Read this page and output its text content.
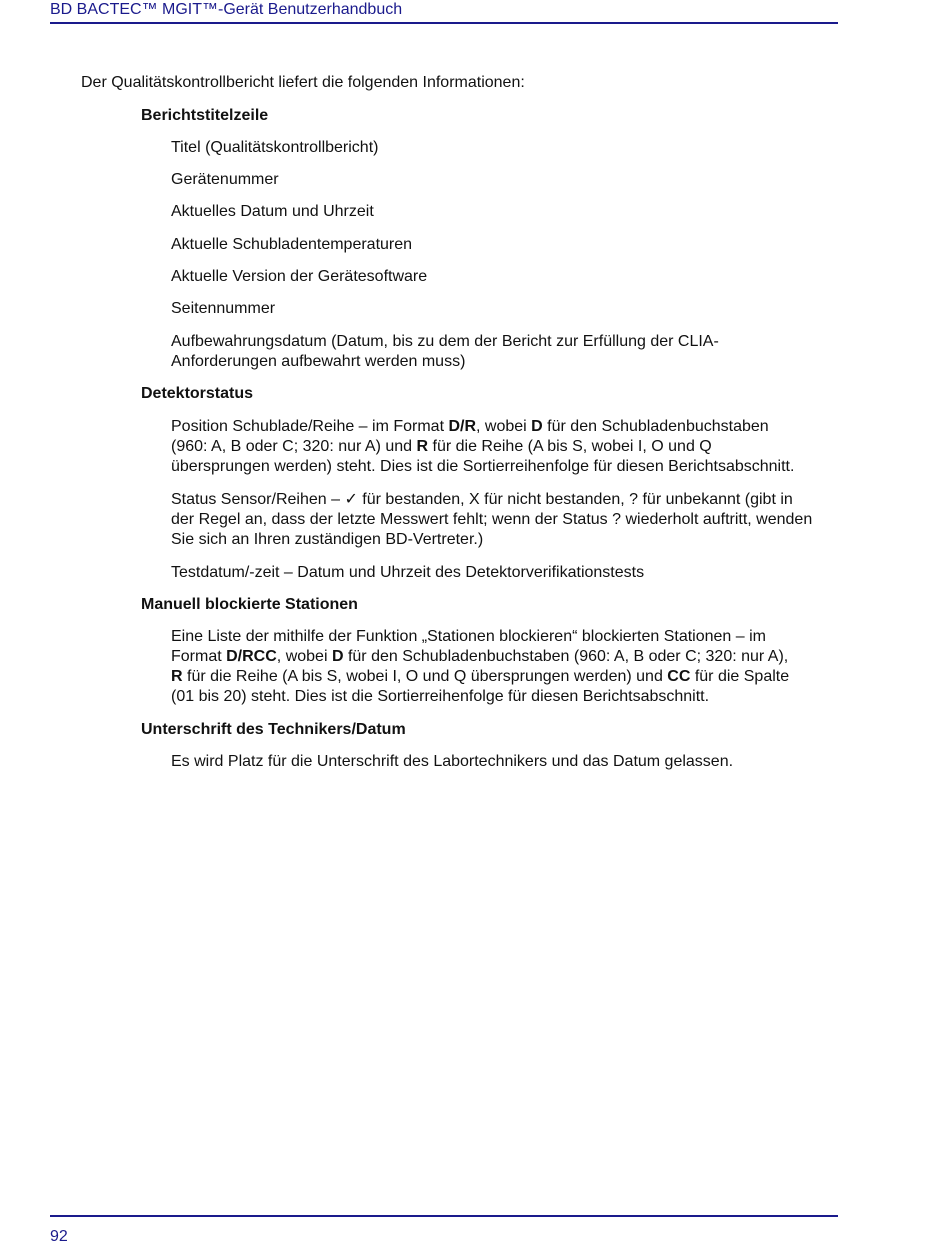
BD BACTEC™ MGIT™-Gerät Benutzerhandbuch
Der Qualitätskontrollbericht liefert die folgenden Informationen:
Berichtstitelzeile
Titel (Qualitätskontrollbericht)
Gerätenummer
Aktuelles Datum und Uhrzeit
Aktuelle Schubladentemperaturen
Aktuelle Version der Gerätesoftware
Seitennummer
Aufbewahrungsdatum (Datum, bis zu dem der Bericht zur Erfüllung der CLIA-
Anforderungen aufbewahrt werden muss)
Detektorstatus
Position Schublade/Reihe – im Format D/R, wobei D für den Schubladenbuchstaben
(960: A, B oder C; 320: nur A) und R für die Reihe (A bis S, wobei I, O und Q
übersprungen werden) steht. Dies ist die Sortierreihenfolge für diesen Berichtsabschnitt.
Status Sensor/Reihen – ✓ für bestanden, X für nicht bestanden, ? für unbekannt (gibt in
der Regel an, dass der letzte Messwert fehlt; wenn der Status ? wiederholt auftritt, wenden
Sie sich an Ihren zuständigen BD-Vertreter.)
Testdatum/-zeit – Datum und Uhrzeit des Detektorverifikationstests
Manuell blockierte Stationen
Eine Liste der mithilfe der Funktion „Stationen blockieren“ blockierten Stationen – im
Format D/RCC, wobei D für den Schubladenbuchstaben (960: A, B oder C; 320: nur A),
R für die Reihe (A bis S, wobei I, O und Q übersprungen werden) und CC für die Spalte
(01 bis 20) steht. Dies ist die Sortierreihenfolge für diesen Berichtsabschnitt.
Unterschrift des Technikers/Datum
Es wird Platz für die Unterschrift des Labortechnikers und das Datum gelassen.
92
